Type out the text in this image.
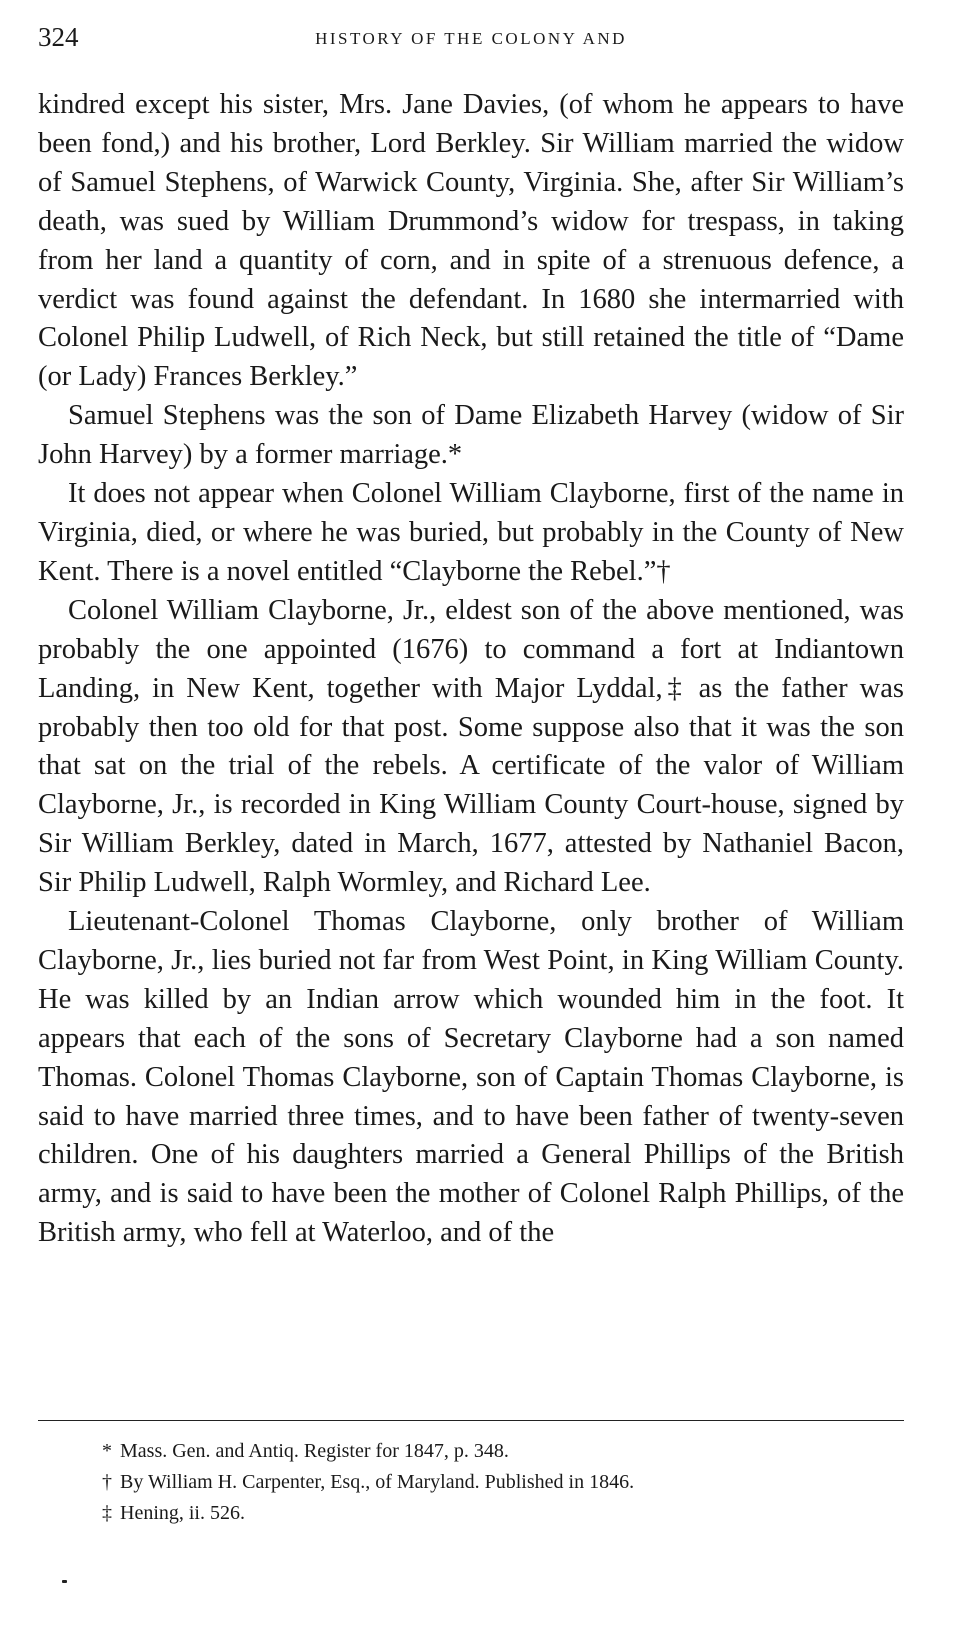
324	HISTORY OF THE COLONY AND

kindred except his sister, Mrs. Jane Davies, (of whom he appears to have been fond,) and his brother, Lord Berkley. Sir William married the widow of Samuel Stephens, of Warwick County, Virginia. She, after Sir William’s death, was sued by William Drummond’s widow for trespass, in taking from her land a quantity of corn, and in spite of a strenuous defence, a verdict was found against the defendant. In 1680 she intermarried with Colonel Philip Ludwell, of Rich Neck, but still retained the title of “Dame (or Lady) Frances Berkley.”

Samuel Stephens was the son of Dame Elizabeth Harvey (widow of Sir John Harvey) by a former marriage.*

It does not appear when Colonel William Clayborne, first of the name in Virginia, died, or where he was buried, but probably in the County of New Kent. There is a novel entitled “Clayborne the Rebel.”†

Colonel William Clayborne, Jr., eldest son of the above mentioned, was probably the one appointed (1676) to command a fort at Indiantown Landing, in New Kent, together with Major Lyddal,‡ as the father was probably then too old for that post. Some suppose also that it was the son that sat on the trial of the rebels. A certificate of the valor of William Clayborne, Jr., is recorded in King William County Court-house, signed by Sir William Berkley, dated in March, 1677, attested by Nathaniel Bacon, Sir Philip Ludwell, Ralph Wormley, and Richard Lee.

Lieutenant-Colonel Thomas Clayborne, only brother of William Clayborne, Jr., lies buried not far from West Point, in King William County. He was killed by an Indian arrow which wounded him in the foot. It appears that each of the sons of Secretary Clayborne had a son named Thomas. Colonel Thomas Clayborne, son of Captain Thomas Clayborne, is said to have married three times, and to have been father of twenty-seven children. One of his daughters married a General Phillips of the British army, and is said to have been the mother of Colonel Ralph Phillips, of the British army, who fell at Waterloo, and of the

* Mass. Gen. and Antiq. Register for 1847, p. 348.

† By William H. Carpenter, Esq., of Maryland. Published in 1846.

‡ Hening, ii. 526.
